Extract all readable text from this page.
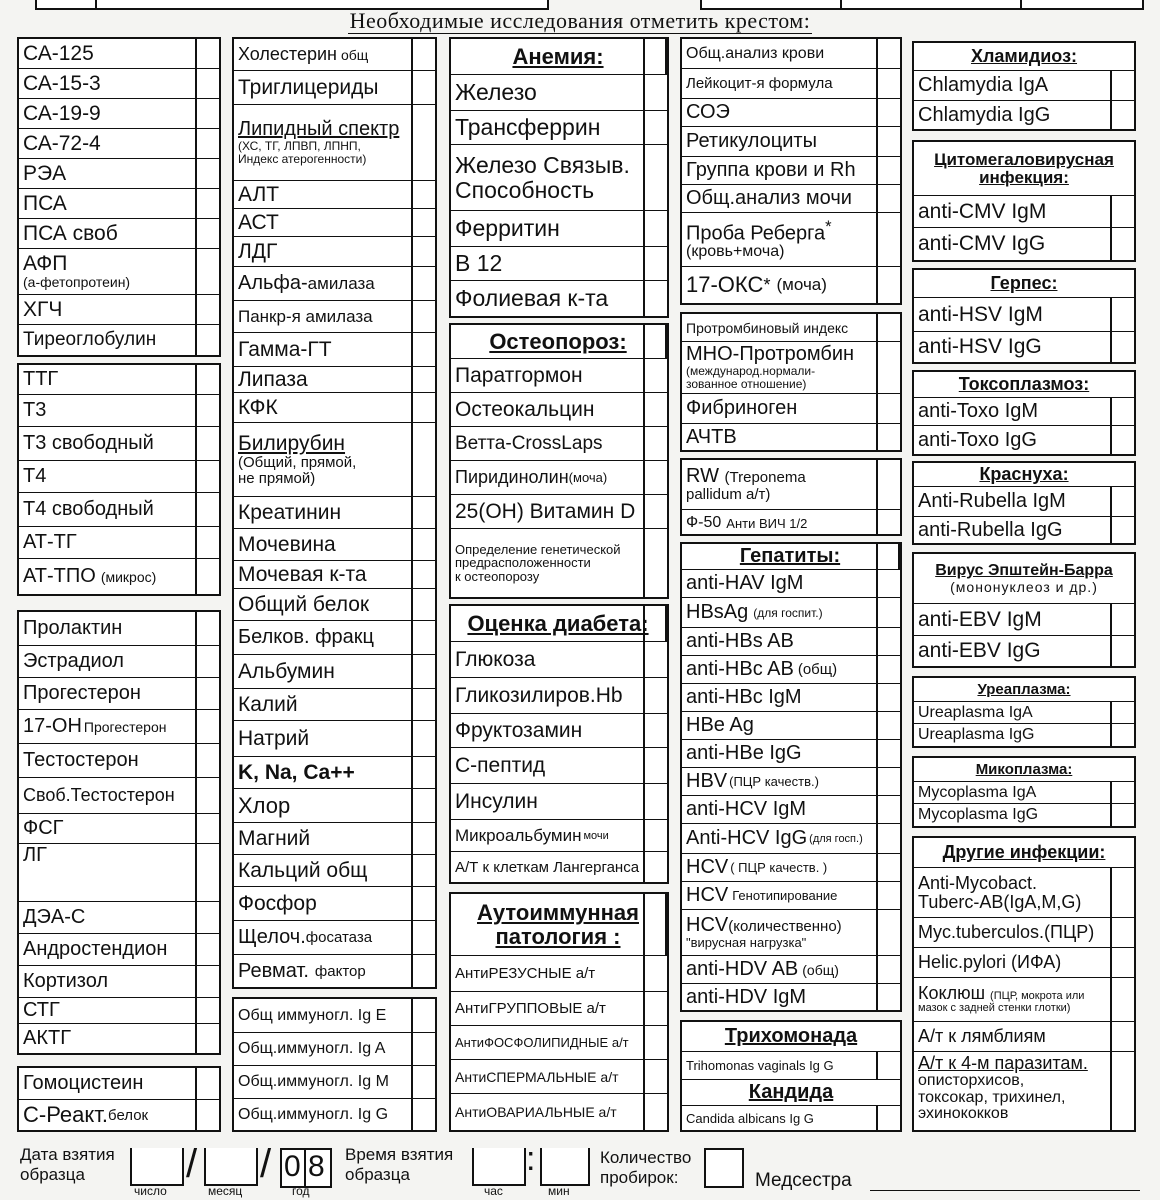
Необходимые исследования отметить крестом:
СА-125
СА-15-3
СА-19-9
СА-72-4
РЭА
ПСА
ПСА своб
АФП
(а-фетопротеин)
ХГЧ
Тиреоглобулин
ТТГ
Т3
Т3 свободный
Т4
Т4 свободный
АТ-ТГ
АТ-ТПО (микрос)
Пролактин
Эстрадиол
Прогестерон
17-ОН Прогестерон
Тестостерон
Своб.Тестостерон
ФСГ
ЛГ
ДЭА-С
Андростендион
Кортизол
СТГ
АКТГ
Гомоцистеин
С-Реакт. белок
Холестерин общ
Триглицериды
Липидный спектр
(ХС, ТГ, ЛПВП, ЛПНП,
Индекс атерогенности)
АЛТ
АСТ
ЛДГ
Альфа- амилаза
Панкр-я амилаза
Гамма-ГТ
Липаза
КФК
Билирубин
(Общий, прямой,
не прямой)
Креатинин
Мочевина
Мочевая к-та
Общий белок
Белков. фракц
Альбумин
Калий
Натрий
K, Na, Ca++
Хлор
Магний
Кальций общ
Фосфор
Щелоч. фосатаза
Ревмат. фактор
Общ иммуногл. Ig E
Общ.иммуногл. Ig A
Общ.иммуногл. Ig M
Общ.иммуногл. Ig G
Анемия:
Железо
Трансферрин
Железо Связыв.
Способность
Ферритин
В 12
Фолиевая к-та
Остеопороз:
Паратгормон
Остеокальцин
Ветта-CrossLaps
Пиридинолин (моча)
25(ОН) Витамин D
Определение генетической
предрасположенности
к остеопорозу
Оценка диабета:
Глюкоза
Гликозилиров.Hb
Фруктозамин
С-пептид
Инсулин
Микроальбумин мочи
А/Т к клеткам Лангерганса
Аутоиммунная
патология :
АнтиРЕЗУСНЫЕ а/т
АнтиГРУППОВЫЕ а/т
АнтиФОСФОЛИПИДНЫЕ а/т
АнтиСПЕРМАЛЬНЫЕ а/т
АнтиОВАРИАЛЬНЫЕ а/т
Общ.анализ крови
Лейкоцит-я формула
СОЭ
Ретикулоциты
Группа крови и Rh
Общ.анализ мочи
Проба Реберга*
(кровь+моча)
17-ОКС * (моча)
Протромбиновый индекс
МНО-Протромбин
(международ.нормали-
зованное отношение)
Фибриноген
АЧТВ
RW (Treponema
pallidum а/т)
Ф-50 Анти ВИЧ 1/2
Гепатиты:
anti-HAV IgM
HBsAg (для госпит.)
anti-HBs AB
anti-HBc AB (общ)
anti-HBc IgM
HBe Ag
anti-HBe IgG
HBV (ПЦР качеств.)
anti-HCV IgM
Anti-HCV IgG (для госп.)
HCV ( ПЦР качеств. )
HCV Генотипирование
HCV(количественно)
"вирусная нагрузка"
anti-HDV AB (общ)
anti-HDV IgM
Трихомонада
Trihomonas vaginals Ig G
Кандида
Candida albicans Ig G
Хламидиоз:
Chlamydia IgA
Chlamydia IgG
Цитомегаловирусная
инфекция:
anti-CMV IgM
anti-CMV IgG
Герпес:
anti-HSV IgM
anti-HSV IgG
Токсоплазмоз:
anti-Toxo IgM
anti-Toxo IgG
Краснуха:
Anti-Rubella IgM
anti-Rubella IgG
Вирус Эпштейн-Барра
(мононуклеоз и др.)
anti-EBV IgM
anti-EBV IgG
Уреаплазма:
Ureaplasma IgA
Ureaplasma IgG
Микоплазма:
Mycoplasma IgA
Mycoplasma IgG
Другие инфекции:
Anti-Mycobact.
Tuberc-AB(IgA,M,G)
Myc.tuberculos.(ПЦР)
Helic.pylori (ИФА)
Коклюш (ПЦР, мокрота или
мазок с задней стенки глотки)
А/т к лямблиям
А/т к 4-м паразитам.
описторхисов,
токсокар, трихинел,
эхинококков
Дата взятия
образца
число
/
месяц
/ 0 8
год
Время взятия
образца
час
:
мин
Количество
пробирок:	Медсестра
